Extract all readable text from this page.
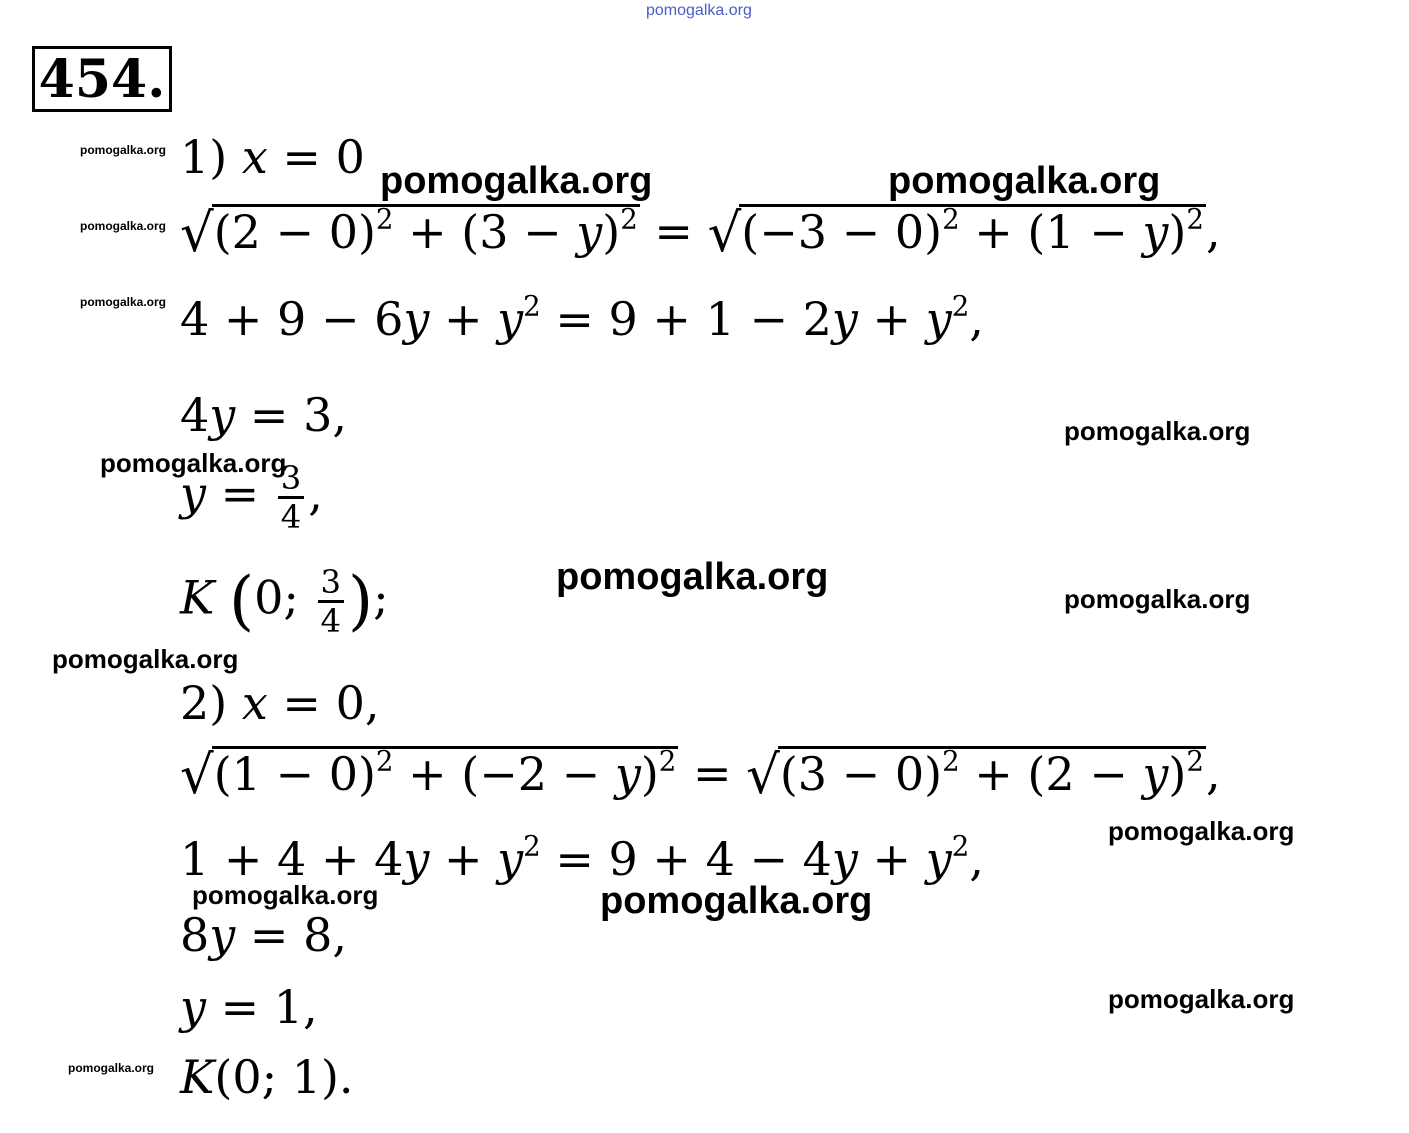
pomogalka.org
pomogalka.org
pomogalka.org
pomogalka.org
pomogalka.org
pomogalka.org	pomogalka.org
pomogalka.org
pomogalka.org
pomogalka.org
pomogalka.org
pomogalka.org
pomogalka.org
pomogalka.org
pomogalka.org
pomogalka.org
454.
1) x = 0
√ $(2 - 0)^2 + (3 - y)^2$ = √ $(-3 - 0)^2 + (1 - y)^2$ ,
$4 + 9 - 6y + y^2 = 9 + 1 - 2y + y^2$,
4y = 3,
$y = \frac{3}{4}$ ,
K (0; $\frac{3}{4}$ );
2) x = 0,
√ $(1 - 0)^2 + (-2 - y)^2$ = √ $(3 - 0)^2 + (2 - y)^2$ ,
$1 + 4 + 4y + y^2 = 9 + 4 - 4y + y^2$,
8y = 8,
y = 1,
K(0; 1).
